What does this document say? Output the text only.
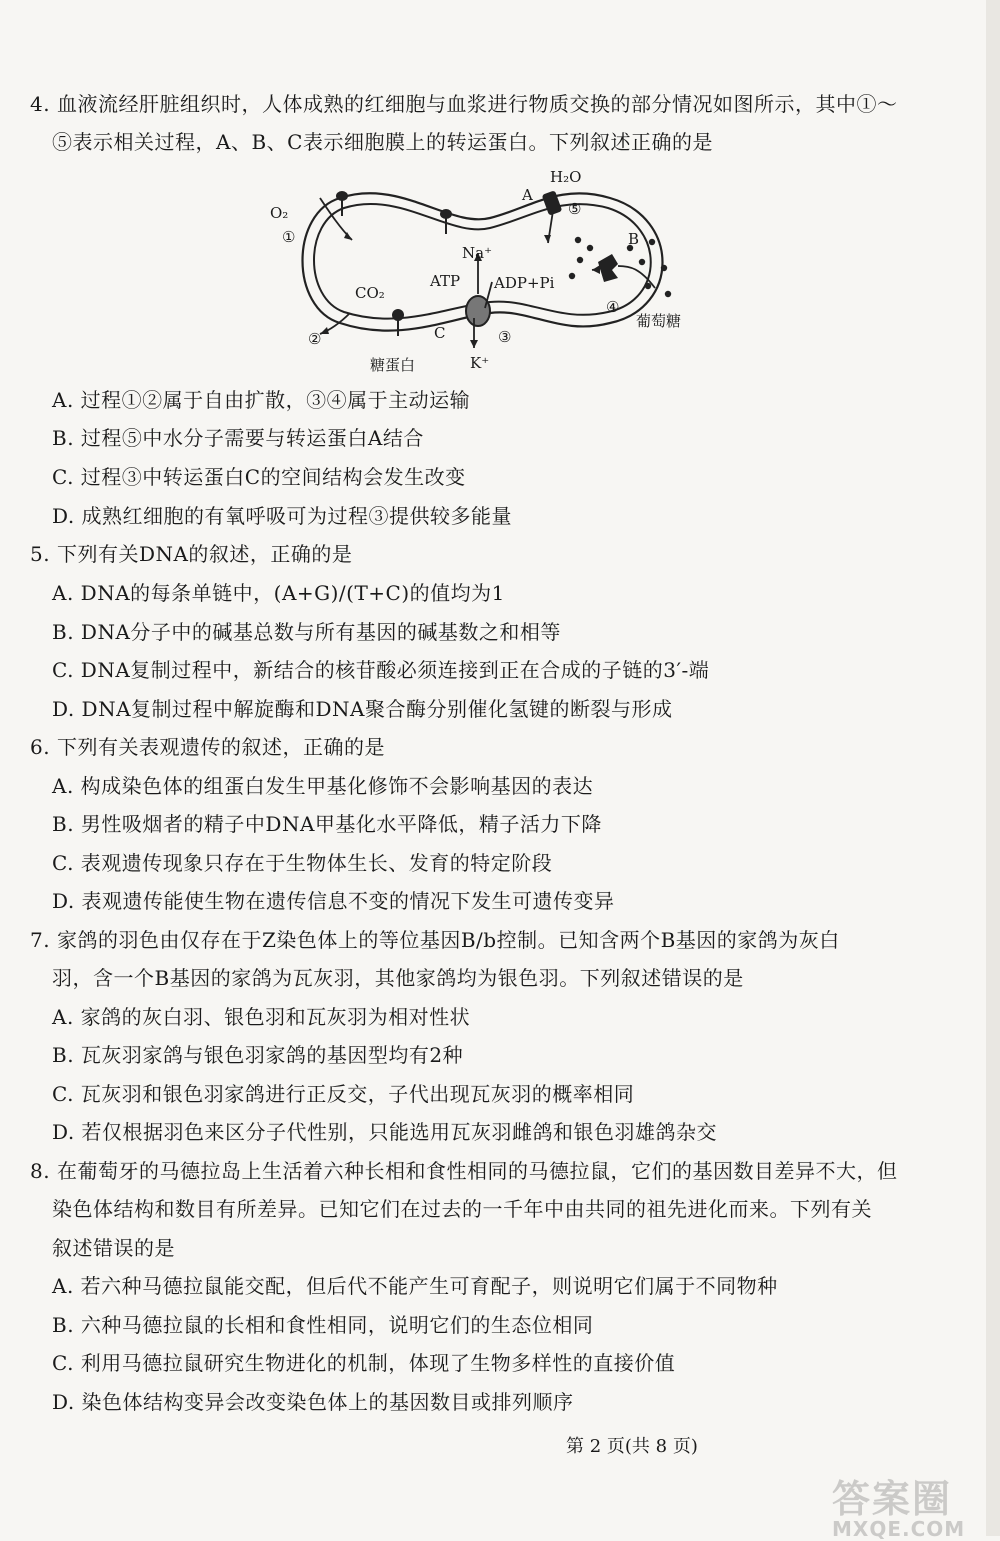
4. 血液流经肝脏组织时，人体成熟的红细胞与血浆进行物质交换的部分情况如图所示，其中①～
⑤表示相关过程，A、B、C表示细胞膜上的转运蛋白。下列叙述正确的是
O₂
①
CO₂
②
H₂O
A
⑤
B
④
葡萄糖
Na⁺
ATP ADP+Pi
C	③
K⁺
糖蛋白
A. 过程①②属于自由扩散，③④属于主动运输
B. 过程⑤中水分子需要与转运蛋白A结合
C. 过程③中转运蛋白C的空间结构会发生改变
D. 成熟红细胞的有氧呼吸可为过程③提供较多能量
5. 下列有关DNA的叙述，正确的是
A. DNA的每条单链中，(A+G)/(T+C)的值均为1
B. DNA分子中的碱基总数与所有基因的碱基数之和相等
C. DNA复制过程中，新结合的核苷酸必须连接到正在合成的子链的3′-端
D. DNA复制过程中解旋酶和DNA聚合酶分别催化氢键的断裂与形成
6. 下列有关表观遗传的叙述，正确的是
A. 构成染色体的组蛋白发生甲基化修饰不会影响基因的表达
B. 男性吸烟者的精子中DNA甲基化水平降低，精子活力下降
C. 表观遗传现象只存在于生物体生长、发育的特定阶段
D. 表观遗传能使生物在遗传信息不变的情况下发生可遗传变异
7. 家鸽的羽色由仅存在于Z染色体上的等位基因B/b控制。已知含两个B基因的家鸽为灰白
羽，含一个B基因的家鸽为瓦灰羽，其他家鸽均为银色羽。下列叙述错误的是
A. 家鸽的灰白羽、银色羽和瓦灰羽为相对性状
B. 瓦灰羽家鸽与银色羽家鸽的基因型均有2种
C. 瓦灰羽和银色羽家鸽进行正反交，子代出现瓦灰羽的概率相同
D. 若仅根据羽色来区分子代性别，只能选用瓦灰羽雌鸽和银色羽雄鸽杂交
8. 在葡萄牙的马德拉岛上生活着六种长相和食性相同的马德拉鼠，它们的基因数目差异不大，但
染色体结构和数目有所差异。已知它们在过去的一千年中由共同的祖先进化而来。下列有关
叙述错误的是
A. 若六种马德拉鼠能交配，但后代不能产生可育配子，则说明它们属于不同物种
B. 六种马德拉鼠的长相和食性相同，说明它们的生态位相同
C. 利用马德拉鼠研究生物进化的机制，体现了生物多样性的直接价值
D. 染色体结构变异会改变染色体上的基因数目或排列顺序
第 2 页(共 8 页)
答案圈
MXQE.COM
